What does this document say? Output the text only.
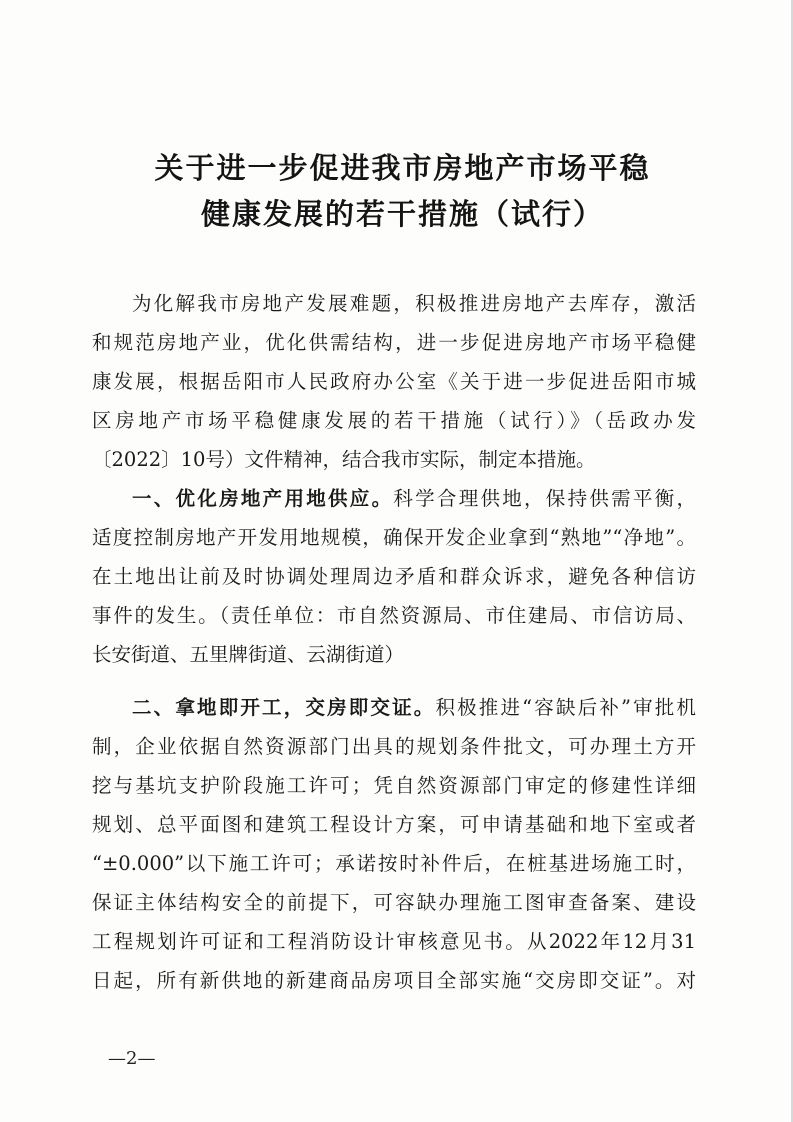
关于进一步促进我市房地产市场平稳
健康发展的若干措施（试行）
为化解我市房地产发展难题，积极推进房地产去库存，激活
和规范房地产业，优化供需结构，进一步促进房地产市场平稳健
康发展，根据岳阳市人民政府办公室《关于进一步促进岳阳市城
区房地产市场平稳健康发展的若干措施（试行）》（岳政办发
〔2022〕10号）文件精神，结合我市实际，制定本措施。
一、优化房地产用地供应。科学合理供地，保持供需平衡，
适度控制房地产开发用地规模，确保开发企业拿到“熟地”“净地”。
在土地出让前及时协调处理周边矛盾和群众诉求，避免各种信访
事件的发生。（责任单位：市自然资源局、市住建局、市信访局、
长安街道、五里牌街道、云湖街道）
二、拿地即开工，交房即交证。积极推进“容缺后补”审批机
制，企业依据自然资源部门出具的规划条件批文，可办理土方开
挖与基坑支护阶段施工许可；凭自然资源部门审定的修建性详细
规划、总平面图和建筑工程设计方案，可申请基础和地下室或者
“±0.000”以下施工许可；承诺按时补件后，在桩基进场施工时，
保证主体结构安全的前提下，可容缺办理施工图审查备案、建设
工程规划许可证和工程消防设计审核意见书。从2022年12月31
日起，所有新供地的新建商品房项目全部实施“交房即交证”。对
—2—
